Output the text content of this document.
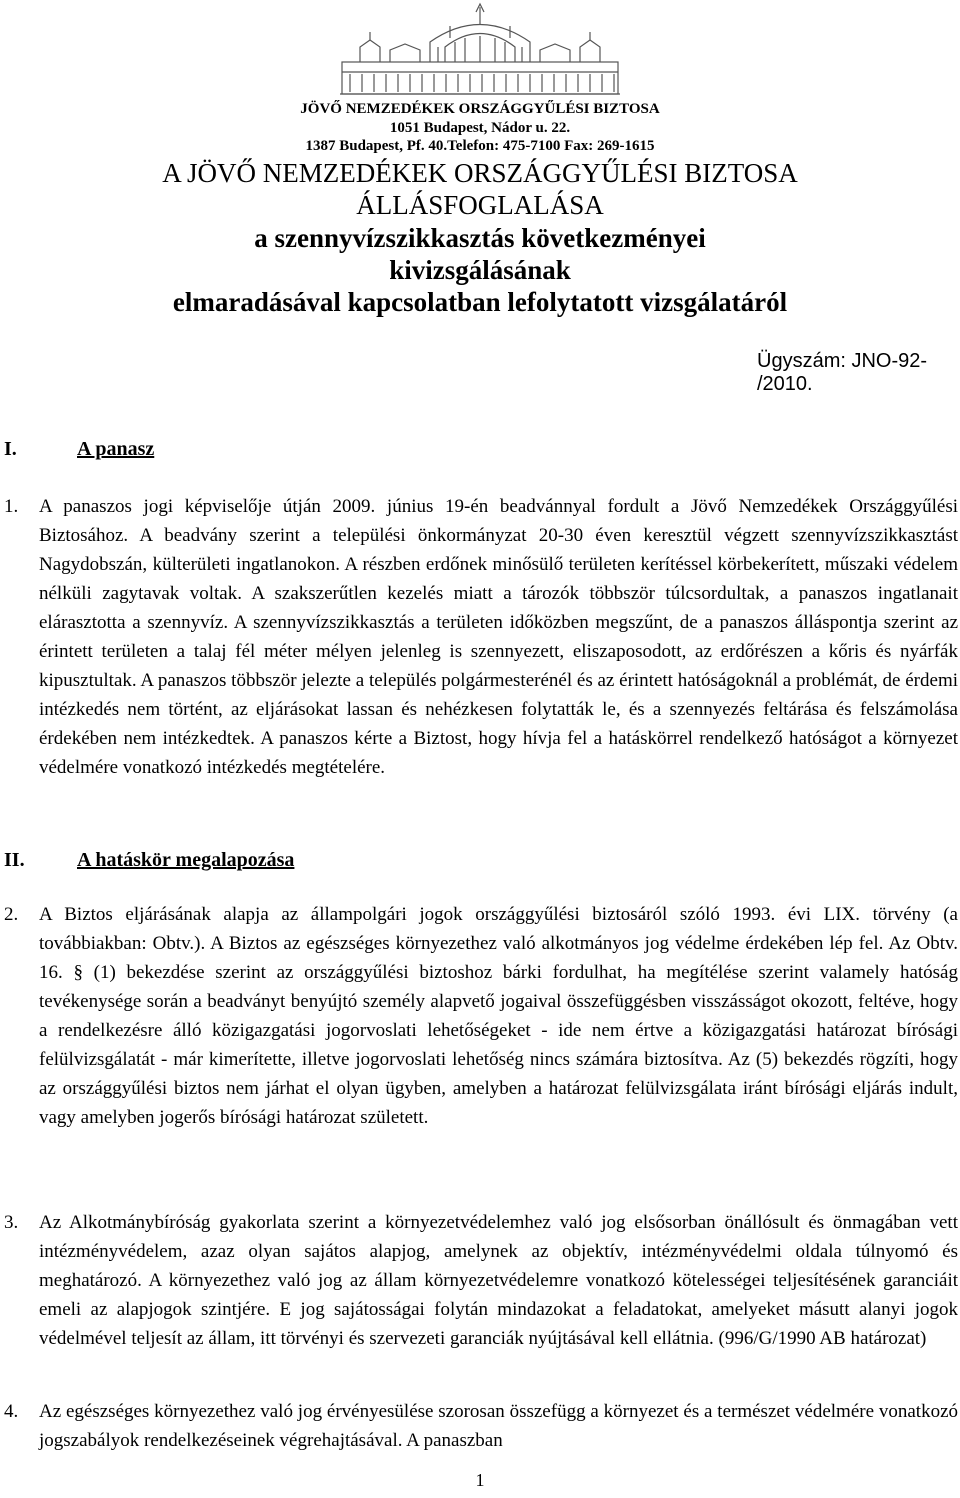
JÖVŐ NEMZEDÉKEK ORSZÁGGYŰLÉSI BIZTOSA
1051 Budapest, Nádor u. 22.
1387 Budapest, Pf. 40.Telefon: 475-7100 Fax: 269-1615
A JÖVŐ NEMZEDÉKEK ORSZÁGGYŰLÉSI BIZTOSA
ÁLLÁSFOGLALÁSA
a szennyvízszikkasztás következményei
kivizsgálásának
elmaradásával kapcsolatban lefolytatott vizsgálatáról
Ügyszám: JNO-92-/2010.
I.	A panasz
1. A panaszos jogi képviselője útján 2009. június 19-én beadvánnyal fordult a Jövő Nemzedékek Országgyűlési Biztosához. A beadvány szerint a települési önkormányzat 20-30 éven keresztül végzett szennyvízszikkasztást Nagydobszán, külterületi ingatlanokon. A részben erdőnek minősülő területen kerítéssel körbekerített, műszaki védelem nélküli zagytavak voltak. A szakszerűtlen kezelés miatt a tározók többször túlcsordultak, a panaszos ingatlanait elárasztotta a szennyvíz. A szennyvízszikkasztás a területen időközben megszűnt, de a panaszos álláspontja szerint az érintett területen a talaj fél méter mélyen jelenleg is szennyezett, eliszaposodott, az erdőrészen a kőris és nyárfák kipusztultak. A panaszos többször jelezte a település polgármesterénél és az érintett hatóságoknál a problémát, de érdemi intézkedés nem történt, az eljárásokat lassan és nehézkesen folytatták le, és a szennyezés feltárása és felszámolása érdekében nem intézkedtek. A panaszos kérte a Biztost, hogy hívja fel a hatáskörrel rendelkező hatóságot a környezet védelmére vonatkozó intézkedés megtételére.
II.	A hatáskör megalapozása
2. A Biztos eljárásának alapja az állampolgári jogok országgyűlési biztosáról szóló 1993. évi LIX. törvény (a továbbiakban: Obtv.). A Biztos az egészséges környezethez való alkotmányos jog védelme érdekében lép fel. Az Obtv. 16. § (1) bekezdése szerint az országgyűlési biztoshoz bárki fordulhat, ha megítélése szerint valamely hatóság tevékenysége során a beadványt benyújtó személy alapvető jogaival összefüggésben visszásságot okozott, feltéve, hogy a rendelkezésre álló közigazgatási jogorvoslati lehetőségeket - ide nem értve a közigazgatási határozat bírósági felülvizsgálatát - már kimerítette, illetve jogorvoslati lehetőség nincs számára biztosítva. Az (5) bekezdés rögzíti, hogy az országgyűlési biztos nem járhat el olyan ügyben, amelyben a határozat felülvizsgálata iránt bírósági eljárás indult, vagy amelyben jogerős bírósági határozat született.
3. Az Alkotmánybíróság gyakorlata szerint a környezetvédelemhez való jog elsősorban önállósult és önmagában vett intézményvédelem, azaz olyan sajátos alapjog, amelynek az objektív, intézményvédelmi oldala túlnyomó és meghatározó. A környezethez való jog az állam környezetvédelemre vonatkozó kötelességei teljesítésének garanciáit emeli az alapjogok szintjére. E jog sajátosságai folytán mindazokat a feladatokat, amelyeket másutt alanyi jogok védelmével teljesít az állam, itt törvényi és szervezeti garanciák nyújtásával kell ellátnia. (996/G/1990 AB határozat)
4. Az egészséges környezethez való jog érvényesülése szorosan összefügg a környezet és a természet védelmére vonatkozó jogszabályok rendelkezéseinek végrehajtásával. A panaszban
1
